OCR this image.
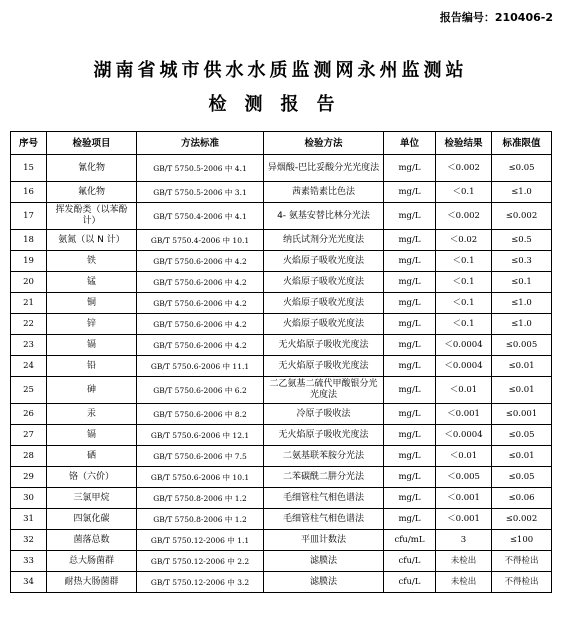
报告编号：210406-2
湖南省城市供水水质监测网永州监测站
检测报告
序号	检验项目	方法标准	检验方法	单位	检验结果	标准限值
15	氰化物	GB/T 5750.5-2006 中 4.1	异烟酸-巴比妥酸分光光度法	mg/L	＜0.002	≤0.05
16	氟化物	GB/T 5750.5-2006 中 3.1	茜素锆素比色法	mg/L	＜0.1	≤1.0
17	挥发酚类（以苯酚计）	GB/T 5750.4-2006 中 4.1	4- 氨基安替比林分光法	mg/L	＜0.002	≤0.002
18	氨氮（以 N 计）	GB/T 5750.4-2006 中 10.1	纳氏试剂分光光度法	mg/L	＜0.02	≤0.5
19	铁	GB/T 5750.6-2006 中 4.2	火焰原子吸收光度法	mg/L	＜0.1	≤0.3
20	锰	GB/T 5750.6-2006 中 4.2	火焰原子吸收光度法	mg/L	＜0.1	≤0.1
21	铜	GB/T 5750.6-2006 中 4.2	火焰原子吸收光度法	mg/L	＜0.1	≤1.0
22	锌	GB/T 5750.6-2006 中 4.2	火焰原子吸收光度法	mg/L	＜0.1	≤1.0
23	镉	GB/T 5750.6-2006 中 4.2	无火焰原子吸收光度法	mg/L	＜0.0004	≤0.005
24	铅	GB/T 5750.6-2006 中 11.1	无火焰原子吸收光度法	mg/L	＜0.0004	≤0.01
25	砷	GB/T 5750.6-2006 中 6.2	二乙氨基二硫代甲酸银分光光度法	mg/L	＜0.01	≤0.01
26	汞	GB/T 5750.6-2006 中 8.2	冷原子吸收法	mg/L	＜0.001	≤0.001
27	镉	GB/T 5750.6-2006 中 12.1	无火焰原子吸收光度法	mg/L	＜0.0004	≤0.05
28	硒	GB/T 5750.6-2006 中 7.5	二氨基联苯胺分光法	mg/L	＜0.01	≤0.01
29	铬（六价）	GB/T 5750.6-2006 中 10.1	二苯碳酰二肼分光法	mg/L	＜0.005	≤0.05
30	三氯甲烷	GB/T 5750.8-2006 中 1.2	毛细管柱气相色谱法	mg/L	＜0.001	≤0.06
31	四氯化碳	GB/T 5750.8-2006 中 1.2	毛细管柱气相色谱法	mg/L	＜0.001	≤0.002
32	菌落总数	GB/T 5750.12-2006 中 1.1	平皿计数法	cfu/mL	3	≤100
33	总大肠菌群	GB/T 5750.12-2006 中 2.2	滤膜法	cfu/L	未检出	不得检出
34	耐热大肠菌群	GB/T 5750.12-2006 中 3.2	滤膜法	cfu/L	未检出	不得检出
